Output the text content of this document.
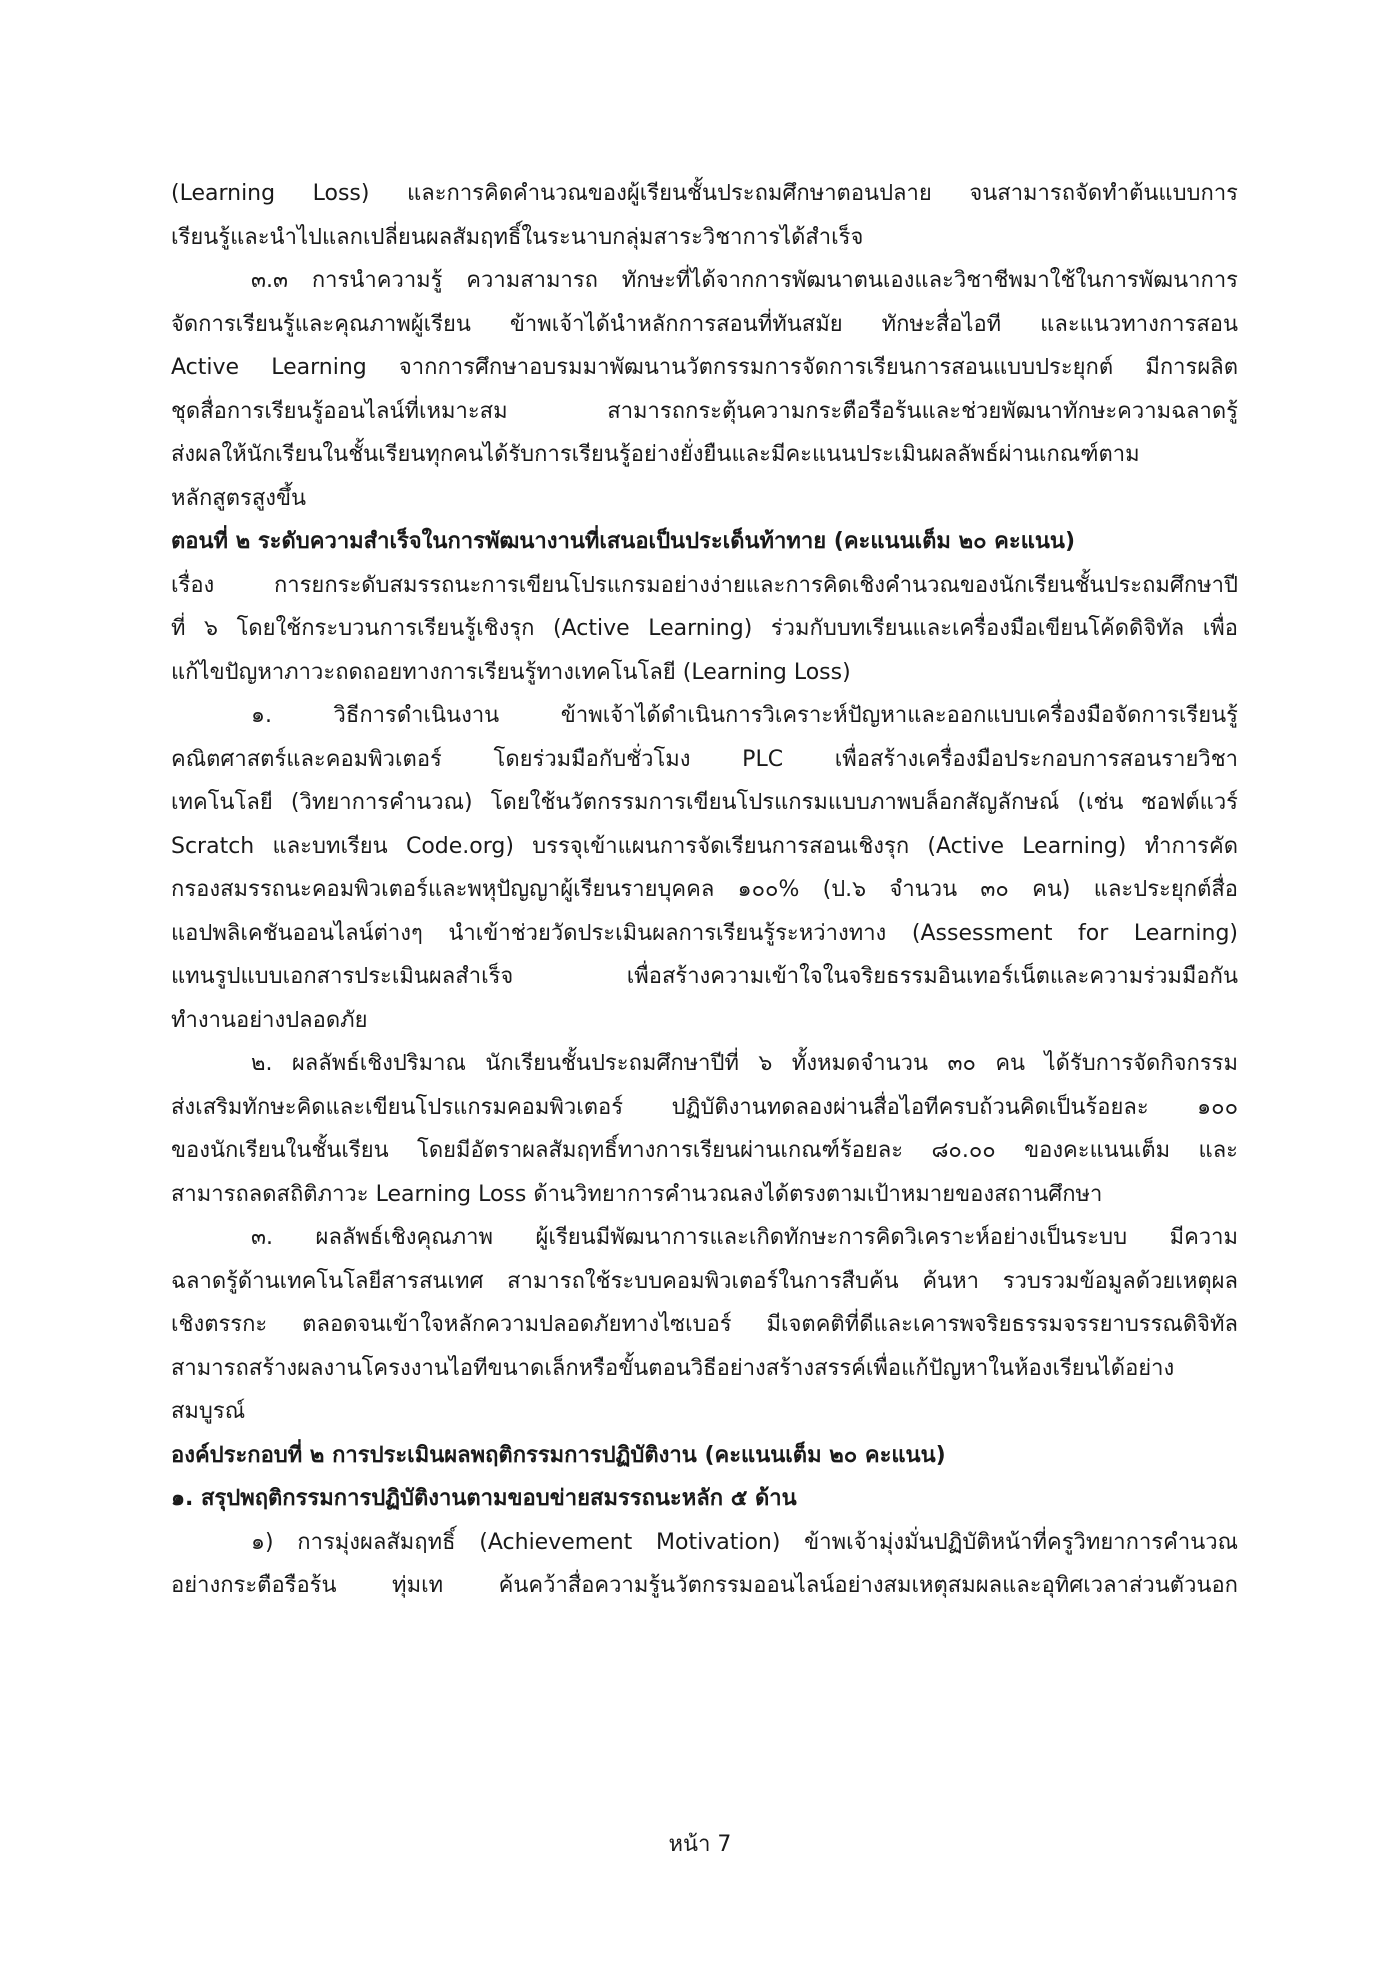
(Learning Loss) และการคิดคำนวณของผู้เรียนชั้นประถมศึกษาตอนปลาย จนสามารถจัดทำต้นแบบการ
เรียนรู้และนำไปแลกเปลี่ยนผลสัมฤทธิ์ในระนาบกลุ่มสาระวิชาการได้สำเร็จ
๓.๓ การนำความรู้ ความสามารถ ทักษะที่ได้จากการพัฒนาตนเองและวิชาชีพมาใช้ในการพัฒนาการ
จัดการเรียนรู้และคุณภาพผู้เรียน ข้าพเจ้าได้นำหลักการสอนที่ทันสมัย ทักษะสื่อไอที และแนวทางการสอน
Active Learning จากการศึกษาอบรมมาพัฒนานวัตกรรมการจัดการเรียนการสอนแบบประยุกต์ มีการผลิต
ชุดสื่อการเรียนรู้ออนไลน์ที่เหมาะสม สามารถกระตุ้นความกระตือรือร้นและช่วยพัฒนาทักษะความฉลาดรู้
ส่งผลให้นักเรียนในชั้นเรียนทุกคนได้รับการเรียนรู้อย่างยั่งยืนและมีคะแนนประเมินผลลัพธ์ผ่านเกณฑ์ตาม
หลักสูตรสูงขึ้น
ตอนที่ ๒ ระดับความสำเร็จในการพัฒนางานที่เสนอเป็นประเด็นท้าทาย (คะแนนเต็ม ๒๐ คะแนน)
เรื่อง การยกระดับสมรรถนะการเขียนโปรแกรมอย่างง่ายและการคิดเชิงคำนวณของนักเรียนชั้นประถมศึกษาปี
ที่ ๖ โดยใช้กระบวนการเรียนรู้เชิงรุก (Active Learning) ร่วมกับบทเรียนและเครื่องมือเขียนโค้ดดิจิทัล เพื่อ
แก้ไขปัญหาภาวะถดถอยทางการเรียนรู้ทางเทคโนโลยี (Learning Loss)
๑. วิธีการดำเนินงาน ข้าพเจ้าได้ดำเนินการวิเคราะห์ปัญหาและออกแบบเครื่องมือจัดการเรียนรู้
คณิตศาสตร์และคอมพิวเตอร์ โดยร่วมมือกับชั่วโมง PLC เพื่อสร้างเครื่องมือประกอบการสอนรายวิชา
เทคโนโลยี (วิทยาการคำนวณ) โดยใช้นวัตกรรมการเขียนโปรแกรมแบบภาพบล็อกสัญลักษณ์ (เช่น ซอฟต์แวร์
Scratch และบทเรียน Code.org) บรรจุเข้าแผนการจัดเรียนการสอนเชิงรุก (Active Learning) ทำการคัด
กรองสมรรถนะคอมพิวเตอร์และพหุปัญญาผู้เรียนรายบุคคล ๑๐๐% (ป.๖ จำนวน ๓๐ คน) และประยุกต์สื่อ
แอปพลิเคชันออนไลน์ต่างๆ นำเข้าช่วยวัดประเมินผลการเรียนรู้ระหว่างทาง (Assessment for Learning)
แทนรูปแบบเอกสารประเมินผลสำเร็จ เพื่อสร้างความเข้าใจในจริยธรรมอินเทอร์เน็ตและความร่วมมือกัน
ทำงานอย่างปลอดภัย
๒. ผลลัพธ์เชิงปริมาณ นักเรียนชั้นประถมศึกษาปีที่ ๖ ทั้งหมดจำนวน ๓๐ คน ได้รับการจัดกิจกรรม
ส่งเสริมทักษะคิดและเขียนโปรแกรมคอมพิวเตอร์ ปฏิบัติงานทดลองผ่านสื่อไอทีครบถ้วนคิดเป็นร้อยละ ๑๐๐
ของนักเรียนในชั้นเรียน โดยมีอัตราผลสัมฤทธิ์ทางการเรียนผ่านเกณฑ์ร้อยละ ๘๐.๐๐ ของคะแนนเต็ม และ
สามารถลดสถิติภาวะ Learning Loss ด้านวิทยาการคำนวณลงได้ตรงตามเป้าหมายของสถานศึกษา
๓. ผลลัพธ์เชิงคุณภาพ ผู้เรียนมีพัฒนาการและเกิดทักษะการคิดวิเคราะห์อย่างเป็นระบบ มีความ
ฉลาดรู้ด้านเทคโนโลยีสารสนเทศ สามารถใช้ระบบคอมพิวเตอร์ในการสืบค้น ค้นหา รวบรวมข้อมูลด้วยเหตุผล
เชิงตรรกะ ตลอดจนเข้าใจหลักความปลอดภัยทางไซเบอร์ มีเจตคติที่ดีและเคารพจริยธรรมจรรยาบรรณดิจิทัล
สามารถสร้างผลงานโครงงานไอทีขนาดเล็กหรือขั้นตอนวิธีอย่างสร้างสรรค์เพื่อแก้ปัญหาในห้องเรียนได้อย่าง
สมบูรณ์
องค์ประกอบที่ ๒ การประเมินผลพฤติกรรมการปฏิบัติงาน (คะแนนเต็ม ๒๐ คะแนน)
๑. สรุปพฤติกรรมการปฏิบัติงานตามขอบข่ายสมรรถนะหลัก ๕ ด้าน
๑) การมุ่งผลสัมฤทธิ์ (Achievement Motivation) ข้าพเจ้ามุ่งมั่นปฏิบัติหน้าที่ครูวิทยาการคำนวณ
อย่างกระตือรือร้น ทุ่มเท ค้นคว้าสื่อความรู้นวัตกรรมออนไลน์อย่างสมเหตุสมผลและอุทิศเวลาส่วนตัวนอก
หน้า 7
